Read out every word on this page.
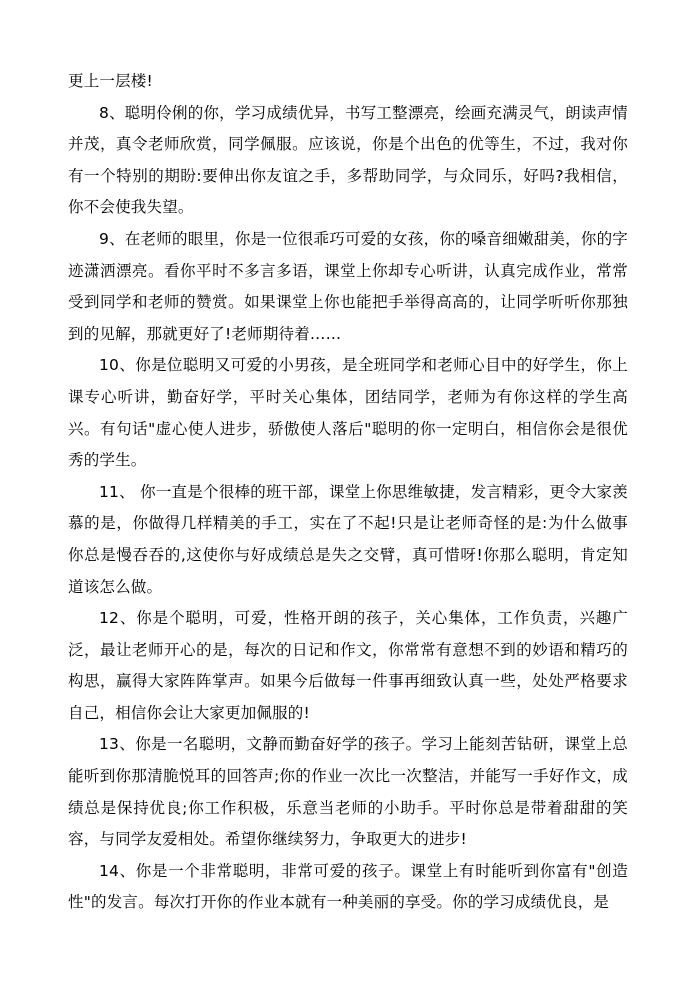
更上一层楼!

8、聪明伶俐的你，学习成绩优异，书写工整漂亮，绘画充满灵气，朗读声情并茂，真令老师欣赏，同学佩服。应该说，你是个出色的优等生，不过，我对你有一个特别的期盼:要伸出你友谊之手，多帮助同学，与众同乐，好吗?我相信，你不会使我失望。

9、在老师的眼里，你是一位很乖巧可爱的女孩，你的嗓音细嫩甜美，你的字迹潇洒漂亮。看你平时不多言多语，课堂上你却专心听讲，认真完成作业，常常受到同学和老师的赞赏。如果课堂上你也能把手举得高高的，让同学听听你那独到的见解，那就更好了!老师期待着……

10、你是位聪明又可爱的小男孩，是全班同学和老师心目中的好学生，你上课专心听讲，勤奋好学，平时关心集体，团结同学，老师为有你这样的学生高兴。有句话"虚心使人进步，骄傲使人落后"聪明的你一定明白，相信你会是很优秀的学生。

11、 你一直是个很棒的班干部，课堂上你思维敏捷，发言精彩，更令大家羡慕的是，你做得几样精美的手工，实在了不起!只是让老师奇怪的是:为什么做事你总是慢吞吞的,这使你与好成绩总是失之交臂，真可惜呀!你那么聪明，肯定知道该怎么做。

12、你是个聪明，可爱，性格开朗的孩子，关心集体，工作负责，兴趣广泛，最让老师开心的是，每次的日记和作文，你常常有意想不到的妙语和精巧的构思，赢得大家阵阵掌声。如果今后做每一件事再细致认真一些，处处严格要求自己，相信你会让大家更加佩服的!

13、你是一名聪明，文静而勤奋好学的孩子。学习上能刻苦钻研，课堂上总能听到你那清脆悦耳的回答声;你的作业一次比一次整洁，并能写一手好作文，成绩总是保持优良;你工作积极，乐意当老师的小助手。平时你总是带着甜甜的笑容，与同学友爱相处。希望你继续努力，争取更大的进步!

14、你是一个非常聪明，非常可爱的孩子。课堂上有时能听到你富有"创造性"的发言。每次打开你的作业本就有一种美丽的享受。你的学习成绩优良，是
